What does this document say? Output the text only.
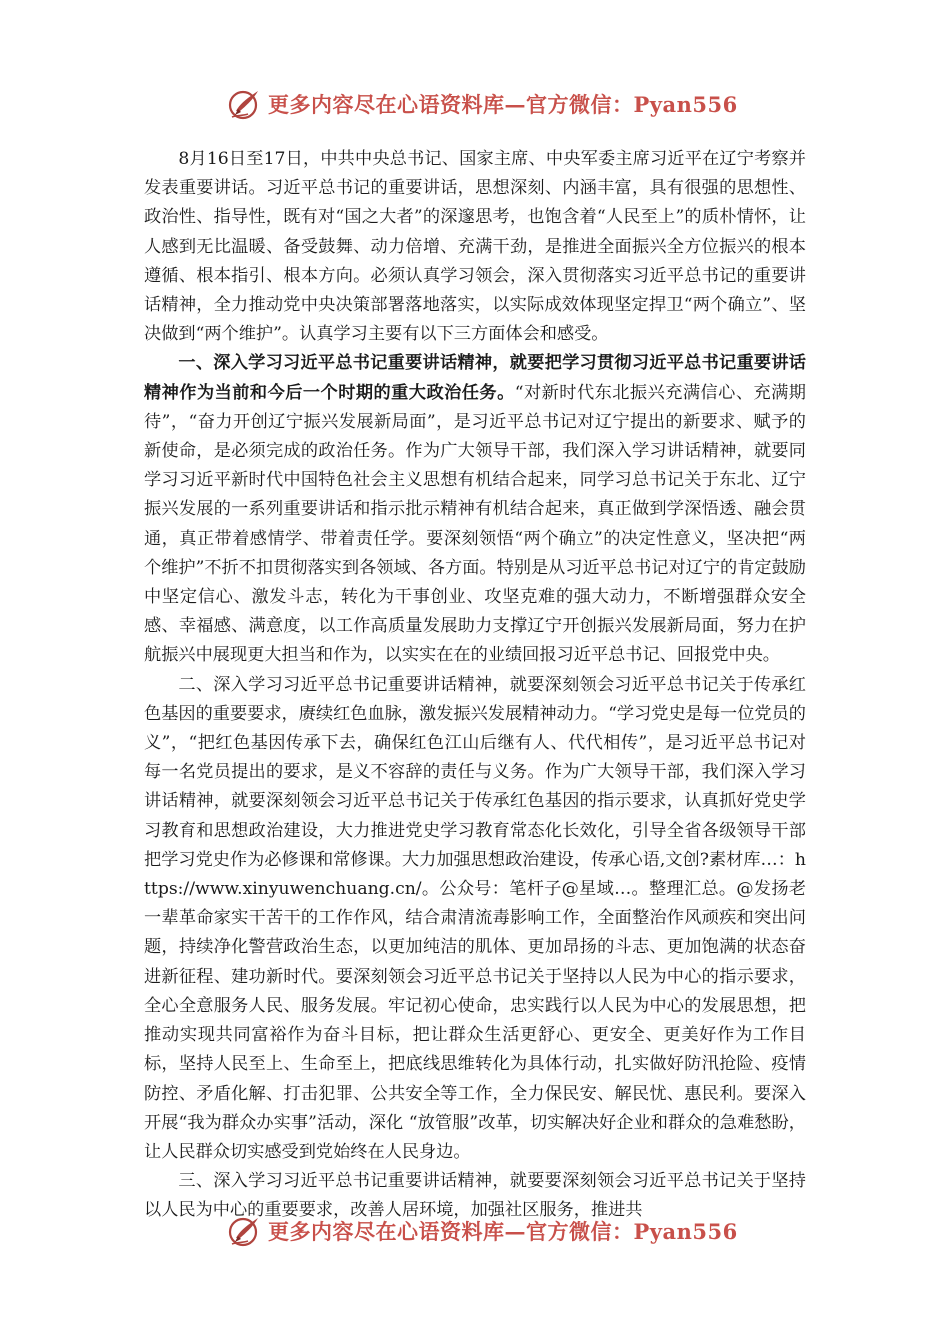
更多内容尽在心语资料库—官方微信：Pyan556

8月16日至17日，中共中央总书记、国家主席、中央军委主席习近平在辽宁考察并发表重要讲话。习近平总书记的重要讲话，思想深刻、内涵丰富，具有很强的思想性、政治性、指导性，既有对“国之大者”的深邃思考，也饱含着“人民至上”的质朴情怀，让人感到无比温暖、备受鼓舞、动力倍增、充满干劲，是推进全面振兴全方位振兴的根本遵循、根本指引、根本方向。必须认真学习领会，深入贯彻落实习近平总书记的重要讲话精神，全力推动党中央决策部署落地落实，以实际成效体现坚定捍卫“两个确立”、坚决做到“两个维护”。认真学习主要有以下三方面体会和感受。

一、深入学习习近平总书记重要讲话精神，就要把学习贯彻习近平总书记重要讲话精神作为当前和今后一个时期的重大政治任务。“对新时代东北振兴充满信心、充满期待”，“奋力开创辽宁振兴发展新局面”，是习近平总书记对辽宁提出的新要求、赋予的新使命，是必须完成的政治任务。作为广大领导干部，我们深入学习讲话精神，就要同学习习近平新时代中国特色社会主义思想有机结合起来，同学习总书记关于东北、辽宁振兴发展的一系列重要讲话和指示批示精神有机结合起来，真正做到学深悟透、融会贯通，真正带着感情学、带着责任学。要深刻领悟“两个确立”的决定性意义，坚决把“两个维护”不折不扣贯彻落实到各领域、各方面。特别是从习近平总书记对辽宁的肯定鼓励中坚定信心、激发斗志，转化为干事创业、攻坚克难的强大动力，不断增强群众安全感、幸福感、满意度，以工作高质量发展助力支撑辽宁开创振兴发展新局面，努力在护航振兴中展现更大担当和作为，以实实在在的业绩回报习近平总书记、回报党中央。

二、深入学习习近平总书记重要讲话精神，就要深刻领会习近平总书记关于传承红色基因的重要要求，赓续红色血脉，激发振兴发展精神动力。“学习党史是每一位党员的义”，“把红色基因传承下去，确保红色江山后继有人、代代相传”，是习近平总书记对每一名党员提出的要求，是义不容辞的责任与义务。作为广大领导干部，我们深入学习讲话精神，就要深刻领会习近平总书记关于传承红色基因的指示要求，认真抓好党史学习教育和思想政治建设，大力推进党史学习教育常态化长效化，引导全省各级领导干部把学习党史作为必修课和常修课。大力加强思想政治建设，传承心语,文创?素材库…：https://www.xinyuwenchuang.cn/。公众号：笔杆子@星域…。整理汇总。@发扬老一辈革命家实干苦干的工作作风，结合肃清流毒影响工作，全面整治作风顽疾和突出问题，持续净化警营政治生态，以更加纯洁的肌体、更加昂扬的斗志、更加饱满的状态奋进新征程、建功新时代。要深刻领会习近平总书记关于坚持以人民为中心的指示要求，全心全意服务人民、服务发展。牢记初心使命，忠实践行以人民为中心的发展思想，把推动实现共同富裕作为奋斗目标，把让群众生活更舒心、更安全、更美好作为工作目标，坚持人民至上、生命至上，把底线思维转化为具体行动，扎实做好防汛抢险、疫情防控、矛盾化解、打击犯罪、公共安全等工作，全力保民安、解民忧、惠民利。要深入开展“我为群众办实事”活动，深化 “放管服”改革，切实解决好企业和群众的急难愁盼，让人民群众切实感受到党始终在人民身边。

三、深入学习习近平总书记重要讲话精神，就要要深刻领会习近平总书记关于坚持以人民为中心的重要要求，改善人居环境，加强社区服务，推进共

更多内容尽在心语资料库—官方微信：Pyan556
